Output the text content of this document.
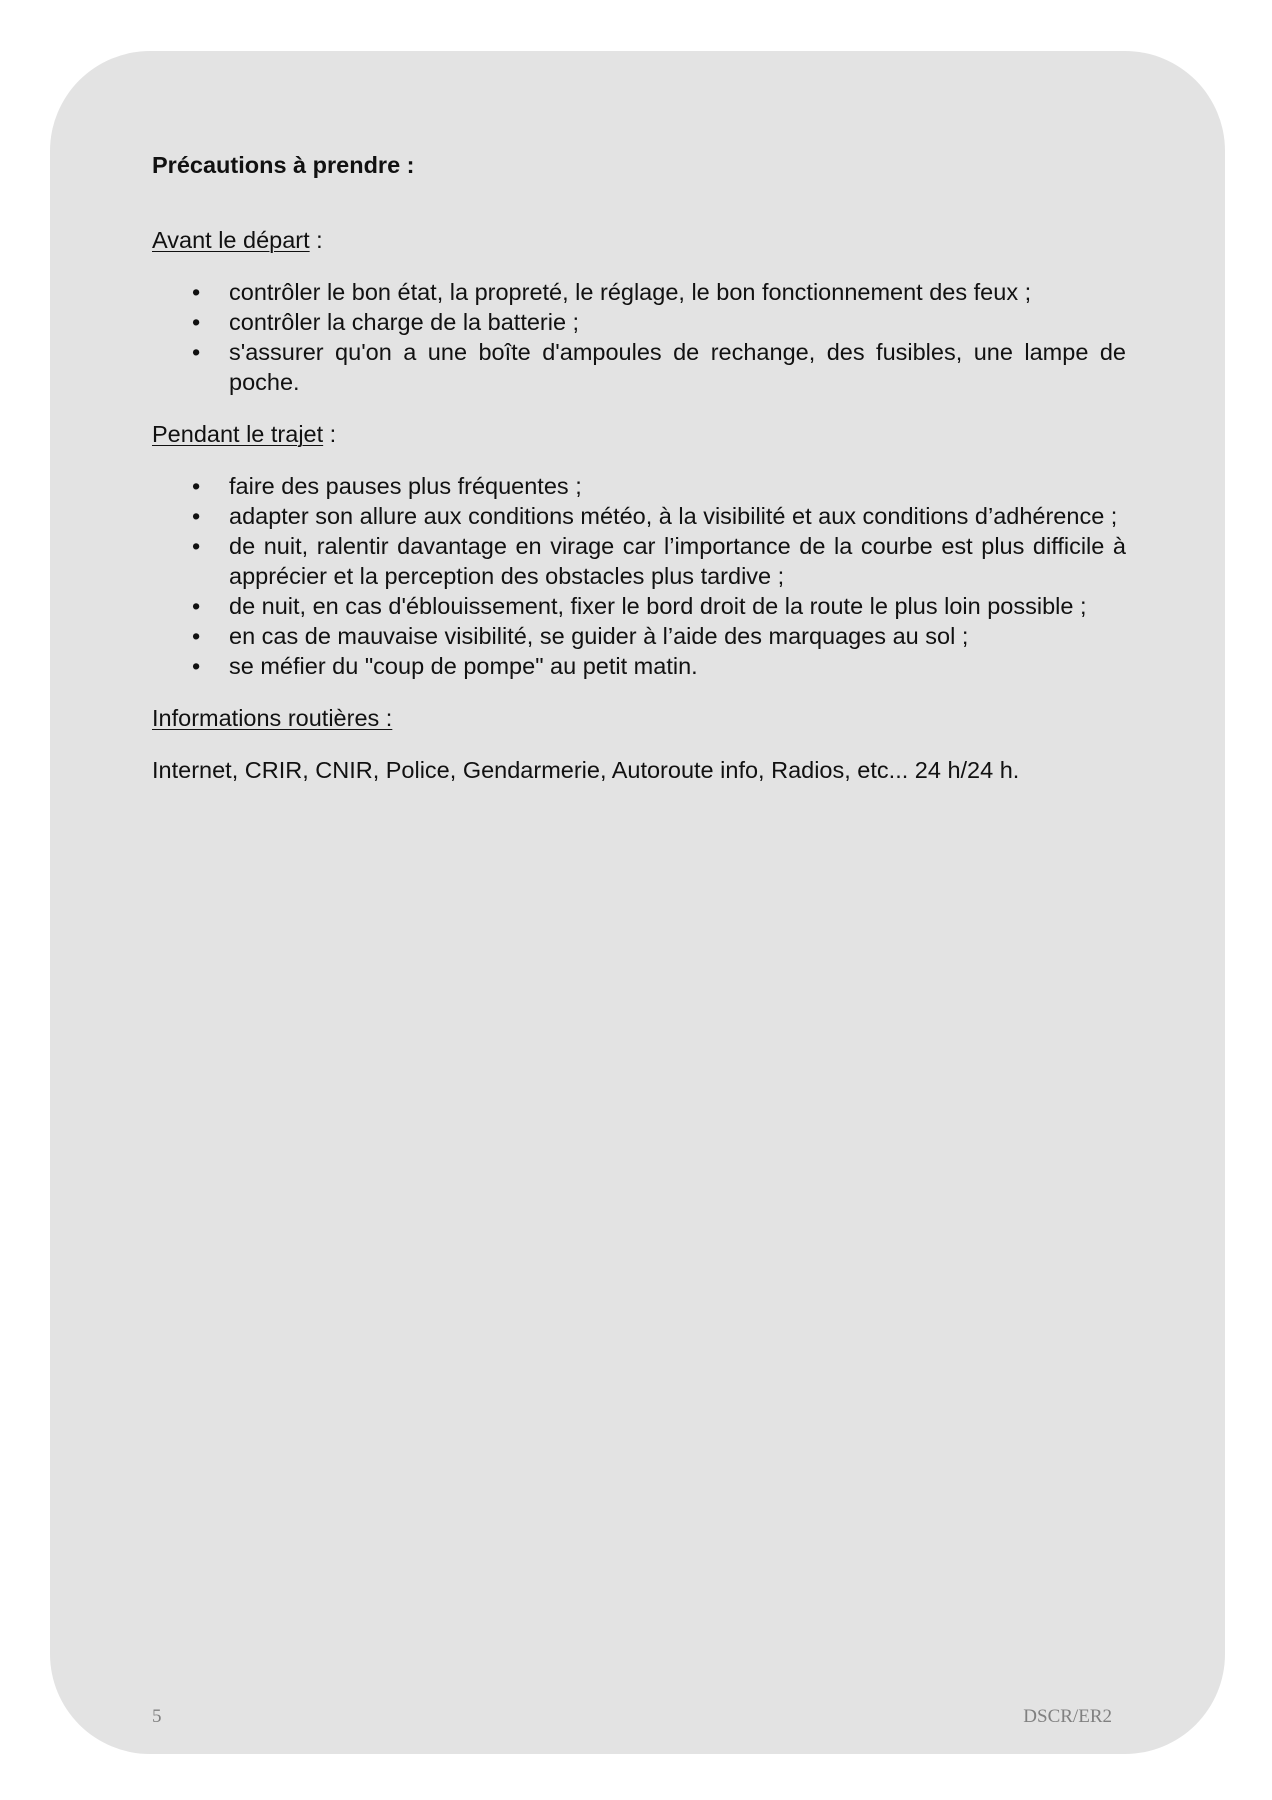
Précautions à prendre :

Avant le départ :

• contrôler le bon état, la propreté, le réglage, le bon fonctionnement des feux ;
• contrôler la charge de la batterie ;
• s'assurer qu'on a une boîte d'ampoules de rechange, des fusibles, une lampe de poche.

Pendant le trajet :

• faire des pauses plus fréquentes ;
• adapter son allure aux conditions météo, à la visibilité et aux conditions d’adhérence ;
• de nuit, ralentir davantage en virage car l’importance de la courbe est plus difficile à apprécier et la perception des obstacles plus tardive ;
• de nuit, en cas d'éblouissement, fixer le bord droit de la route le plus loin possible ;
• en cas de mauvaise visibilité, se guider à l’aide des marquages au sol ;
• se méfier du "coup de pompe" au petit matin.

Informations routières :

Internet, CRIR, CNIR, Police, Gendarmerie, Autoroute info, Radios, etc... 24 h/24 h.

5	DSCR/ER2
